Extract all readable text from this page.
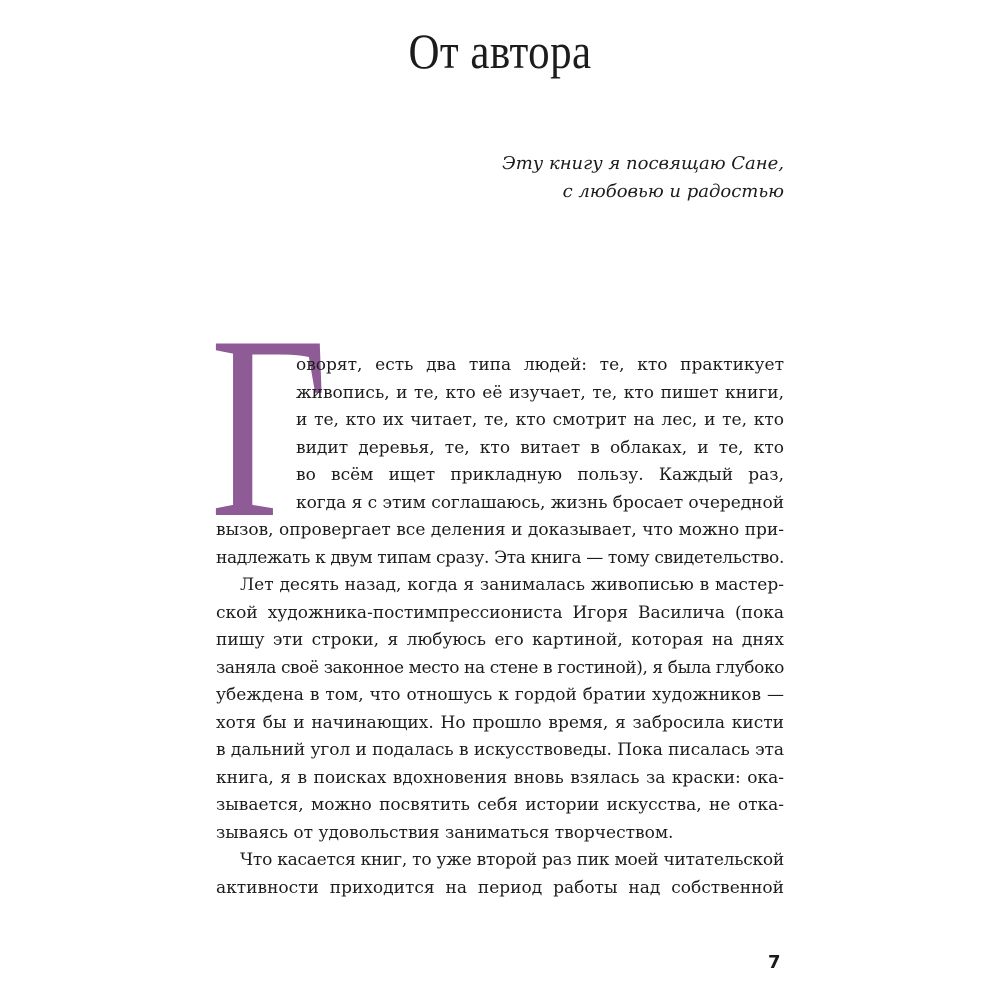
От автора
Эту книгу я посвящаю Сане,
с любовью и радостью
Г
оворят, есть два типа людей: те, кто практикует
живопись, и те, кто её изучает, те, кто пишет книги,
и те, кто их читает, те, кто смотрит на лес, и те, кто
видит деревья, те, кто витает в облаках, и те, кто
во всём ищет прикладную пользу. Каждый раз,
когда я с этим соглашаюсь, жизнь бросает очередной
вызов, опровергает все деления и доказывает, что можно при-
надлежать к двум типам сразу. Эта книга — тому свидетельство.
Лет десять назад, когда я занималась живописью в мастер-
ской художника-постимпрессиониста Игоря Василича (пока
пишу эти строки, я любуюсь его картиной, которая на днях
заняла своё законное место на стене в гостиной), я была глубоко
убеждена в том, что отношусь к гордой братии художников —
хотя бы и начинающих. Но прошло время, я забросила кисти
в дальний угол и подалась в искусствоведы. Пока писалась эта
книга, я в поисках вдохновения вновь взялась за краски: ока-
зывается, можно посвятить себя истории искусства, не отка-
зываясь от удовольствия заниматься творчеством.
Что касается книг, то уже второй раз пик моей читательской
активности приходится на период работы над собственной
7
